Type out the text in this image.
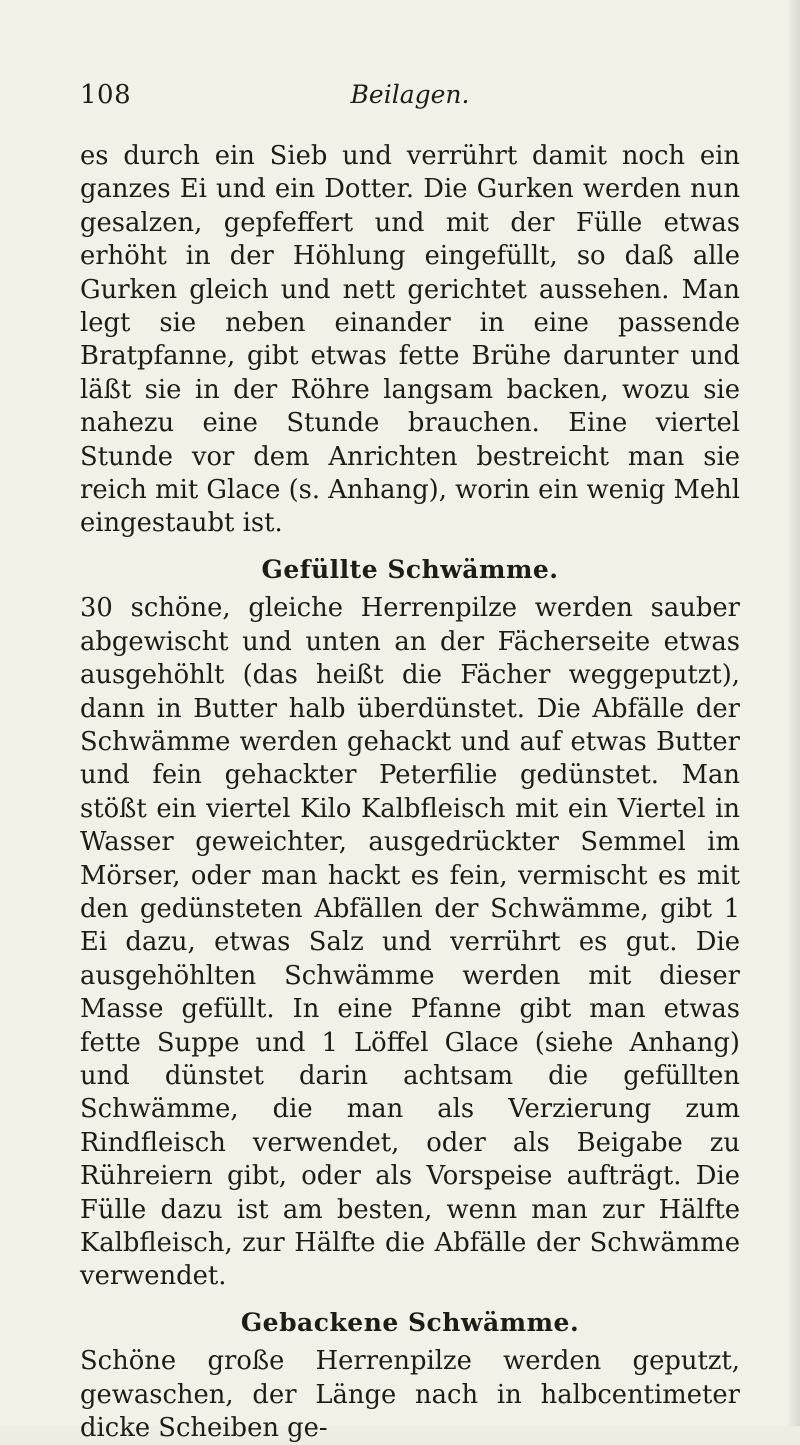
108	Beilagen.

es durch ein Sieb und verrührt damit noch ein ganzes Ei und ein Dotter. Die Gurken werden nun gesalzen, gepfeffert und mit der Fülle etwas erhöht in der Höhlung eingefüllt, so daß alle Gurken gleich und nett gerichtet aussehen. Man legt sie neben einander in eine passende Bratpfanne, gibt etwas fette Brühe darunter und läßt sie in der Röhre langsam backen, wozu sie nahezu eine Stunde brauchen. Eine viertel Stunde vor dem Anrichten bestreicht man sie reich mit Glace (s. Anhang), worin ein wenig Mehl eingestaubt ist.

Gefüllte Schwämme.

30 schöne, gleiche Herrenpilze werden sauber abgewischt und unten an der Fächerseite etwas ausgehöhlt (das heißt die Fächer weggeputzt), dann in Butter halb überdünstet. Die Abfälle der Schwämme werden gehackt und auf etwas Butter und fein gehackter Peterfilie gedünstet. Man stößt ein viertel Kilo Kalbfleisch mit ein Viertel in Wasser geweichter, ausgedrückter Semmel im Mörser, oder man hackt es fein, vermischt es mit den gedünsteten Abfällen der Schwämme, gibt 1 Ei dazu, etwas Salz und verrührt es gut. Die ausgehöhlten Schwämme werden mit dieser Masse gefüllt. In eine Pfanne gibt man etwas fette Suppe und 1 Löffel Glace (siehe Anhang) und dünstet darin achtsam die gefüllten Schwämme, die man als Verzierung zum Rindfleisch verwendet, oder als Beigabe zu Rühreiern gibt, oder als Vorspeise aufträgt. Die Fülle dazu ist am besten, wenn man zur Hälfte Kalbfleisch, zur Hälfte die Abfälle der Schwämme verwendet.

Gebackene Schwämme.

Schöne große Herrenpilze werden geputzt, gewaschen, der Länge nach in halbcentimeter dicke Scheiben ge-
